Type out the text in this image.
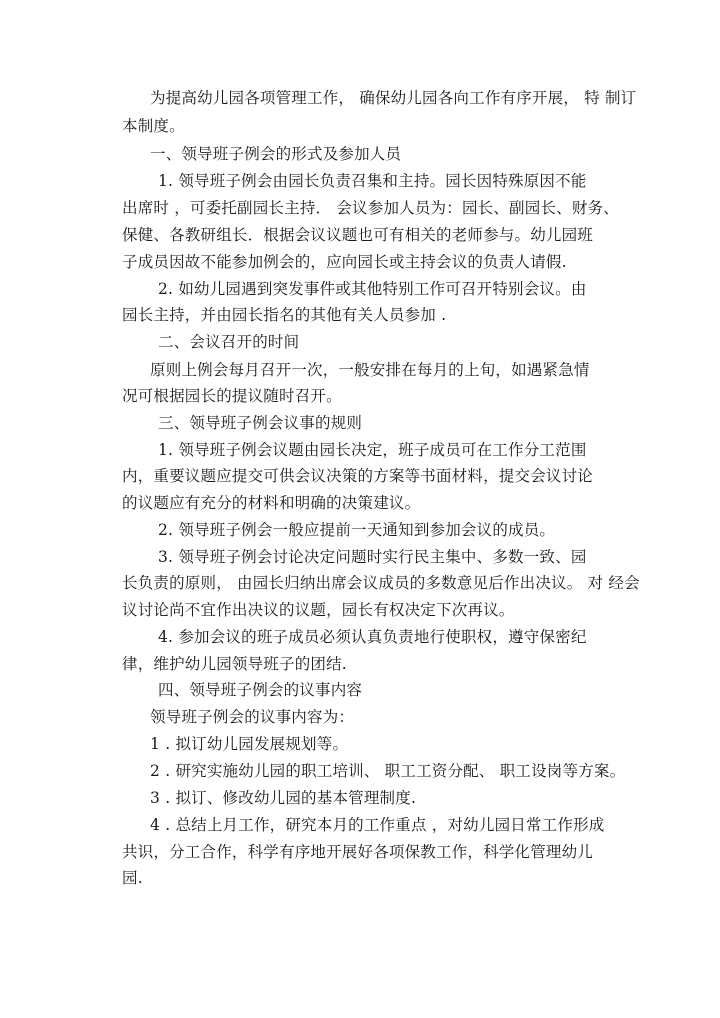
为提高幼儿园各项管理工作， 确保幼儿园各向工作有序开展， 特 制订
本制度。
一、领导班子例会的形式及参加人员
1. 领导班子例会由园长负责召集和主持。园长因特殊原因不能
出席时 ，可委托副园长主持． 会议参加人员为：园长、副园长、财务、
保健、各教研组长．根据会议议题也可有相关的老师参与。幼儿园班
子成员因故不能参加例会的，应向园长或主持会议的负责人请假.
2. 如幼儿园遇到突发事件或其他特别工作可召开特别会议。由
园长主持，并由园长指名的其他有关人员参加 .
二、会议召开的时间
原则上例会每月召开一次，一般安排在每月的上旬，如遇紧急情
况可根据园长的提议随时召开。
三、领导班子例会议事的规则
1. 领导班子例会议题由园长决定，班子成员可在工作分工范围
内，重要议题应提交可供会议决策的方案等书面材料，提交会议讨论
的议题应有充分的材料和明确的决策建议。
2. 领导班子例会一般应提前一天通知到参加会议的成员。
3. 领导班子例会讨论决定问题时实行民主集中、多数一致、园
长负责的原则， 由园长归纳出席会议成员的多数意见后作出决议。 对 经会
议讨论尚不宜作出决议的议题，园长有权决定下次再议。
4. 参加会议的班子成员必须认真负责地行使职权，遵守保密纪
律，维护幼儿园领导班子的团结.
四、领导班子例会的议事内容
领导班子例会的议事内容为：
1 . 拟订幼儿园发展规划等。
2 . 研究实施幼儿园的职工培训、 职工工资分配、 职工设岗等方案。
3 . 拟订、修改幼儿园的基本管理制度.
4 . 总结上月工作，研究本月的工作重点 ，对幼儿园日常工作形成
共识，分工合作，科学有序地开展好各项保教工作，科学化管理幼儿
园.
